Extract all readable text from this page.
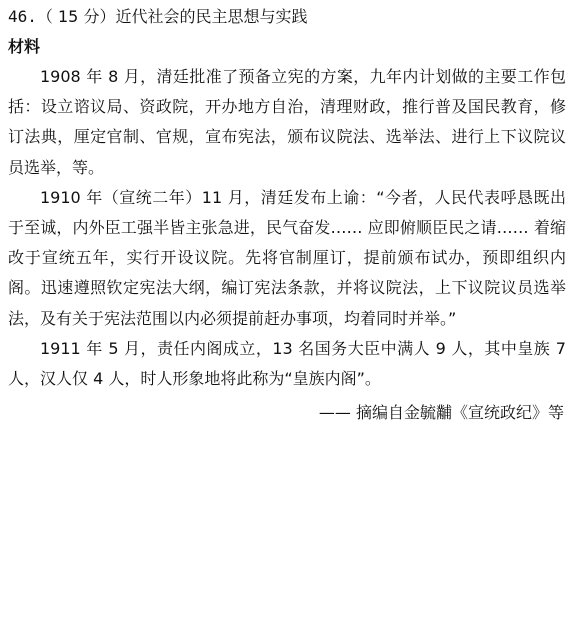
46.（ 15 分）近代社会的民主思想与实践
材料

1908 年 8 月，清廷批准了预备立宪的方案，九年内计划做的主要工作包括：设立谘议局、资政院，开办地方自治，清理财政，推行普及国民教育，修订法典，厘定官制、官规，宣布宪法，颁布议院法、选举法、进行上下议院议员选举，等。

1910 年（宣统二年）11 月，清廷发布上谕：“今者，人民代表呼恳既出于至诚，内外臣工强半皆主张急进，民气奋发…… 应即俯顺臣民之请…… 着缩改于宣统五年，实行开设议院。先将官制厘订，提前颁布试办，预即组织内阁。迅速遵照钦定宪法大纲，编订宪法条款，并将议院法，上下议院议员选举法，及有关于宪法范围以内必须提前赶办事项，均着同时并举。”

1911 年 5 月，责任内阁成立，13 名国务大臣中满人 9 人，其中皇族 7 人，汉人仅 4 人，时人形象地将此称为“皇族内阁”。

—— 摘编自金毓黼《宣统政纪》等
